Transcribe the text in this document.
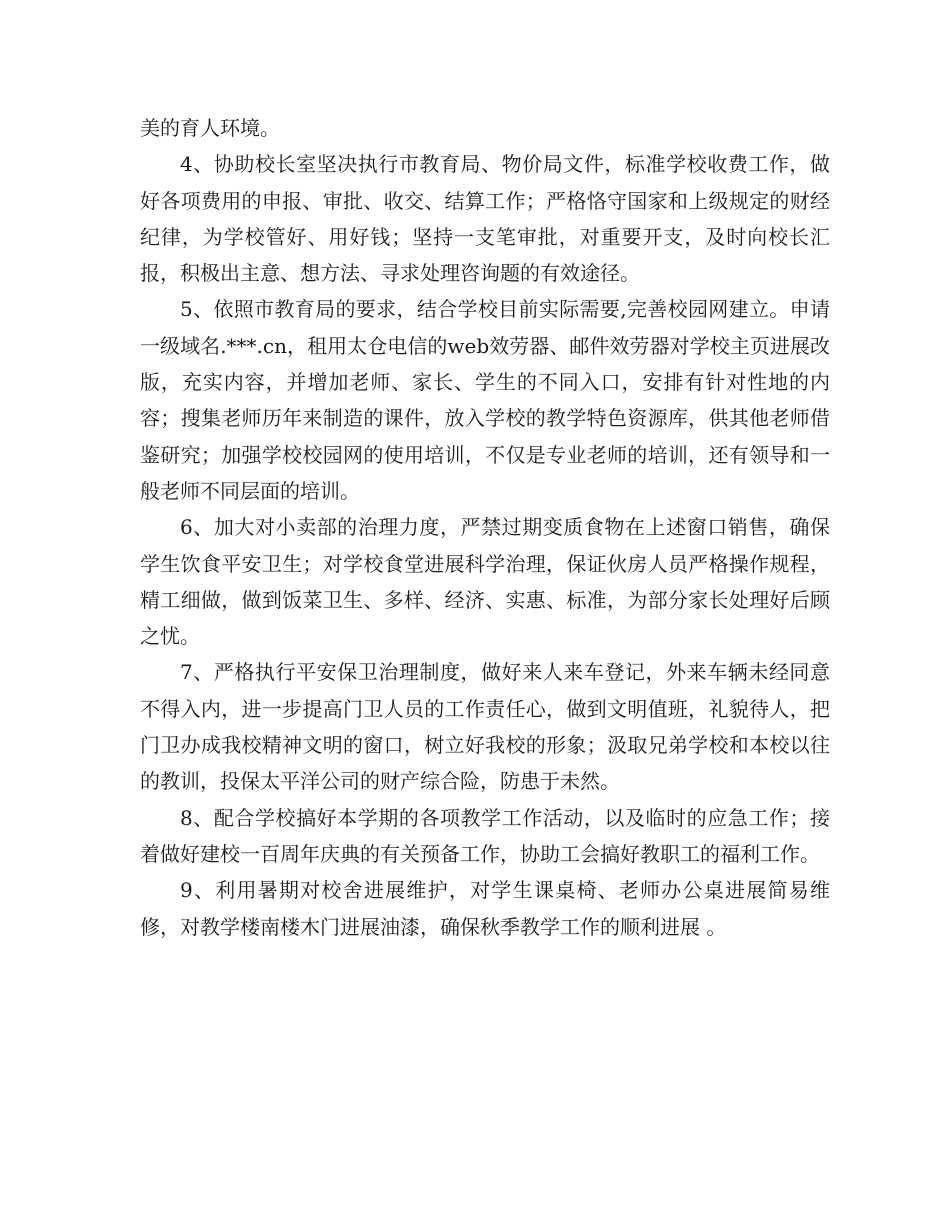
美的育人环境。

4、协助校长室坚决执行市教育局、物价局文件，标准学校收费工作，做好各项费用的申报、审批、收交、结算工作；严格恪守国家和上级规定的财经纪律，为学校管好、用好钱；坚持一支笔审批，对重要开支，及时向校长汇报，积极出主意、想方法、寻求处理咨询题的有效途径。

5、依照市教育局的要求，结合学校目前实际需要,完善校园网建立。申请一级域名.***.cn，租用太仓电信的web效劳器、邮件效劳器对学校主页进展改版，充实内容，并增加老师、家长、学生的不同入口，安排有针对性地的内容；搜集老师历年来制造的课件，放入学校的教学特色资源库，供其他老师借鉴研究；加强学校校园网的使用培训，不仅是专业老师的培训，还有领导和一般老师不同层面的培训。

6、加大对小卖部的治理力度，严禁过期变质食物在上述窗口销售，确保学生饮食平安卫生；对学校食堂进展科学治理，保证伙房人员严格操作规程，精工细做，做到饭菜卫生、多样、经济、实惠、标准，为部分家长处理好后顾之忧。

7、严格执行平安保卫治理制度，做好来人来车登记，外来车辆未经同意不得入内，进一步提高门卫人员的工作责任心，做到文明值班，礼貌待人，把门卫办成我校精神文明的窗口，树立好我校的形象；汲取兄弟学校和本校以往的教训，投保太平洋公司的财产综合险，防患于未然。

8、配合学校搞好本学期的各项教学工作活动，以及临时的应急工作；接着做好建校一百周年庆典的有关预备工作，协助工会搞好教职工的福利工作。

9、利用暑期对校舍进展维护，对学生课桌椅、老师办公桌进展简易维修，对教学楼南楼木门进展油漆，确保秋季教学工作的顺利进展 。
